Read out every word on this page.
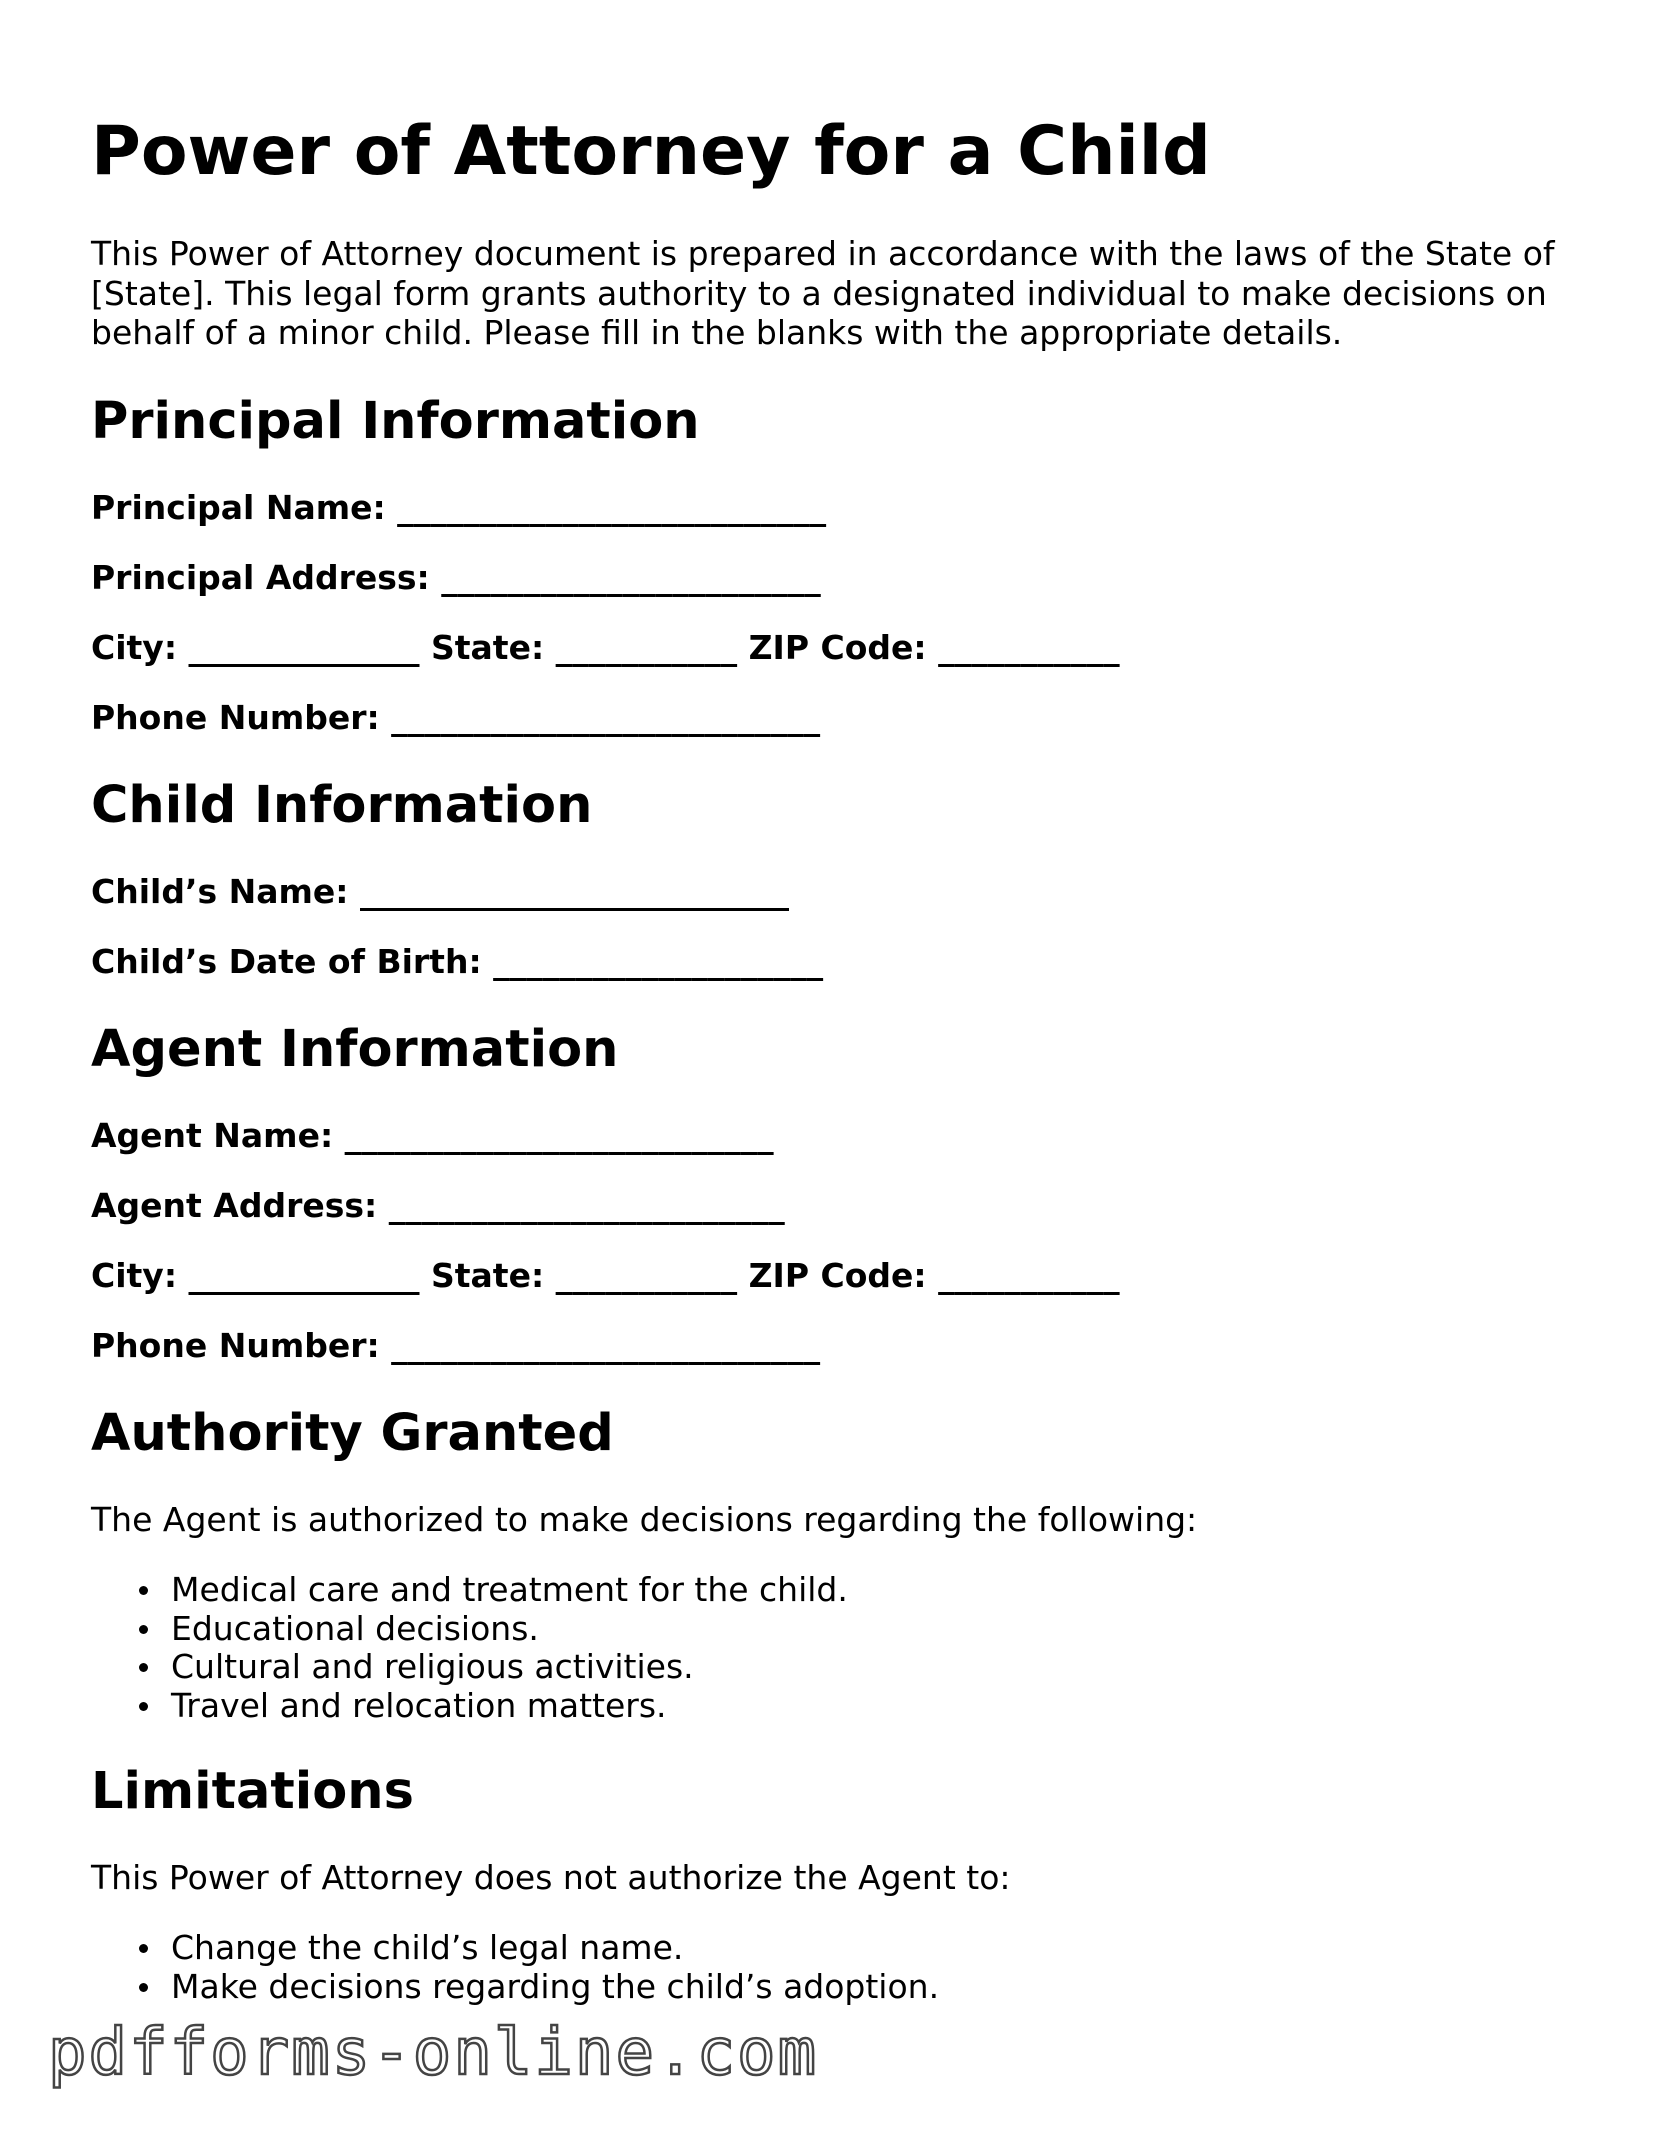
Power of Attorney for a Child

This Power of Attorney document is prepared in accordance with the laws of the State of [State]. This legal form grants authority to a designated individual to make decisions on behalf of a minor child. Please fill in the blanks with the appropriate details.

Principal Information
Principal Name: __________________________
Principal Address: _______________________
City: ______________ State: ___________ ZIP Code: ___________
Phone Number: __________________________
Child Information
Child’s Name: __________________________
Child’s Date of Birth: ____________________
Agent Information
Agent Name: __________________________
Agent Address: ________________________
City: ______________ State: ___________ ZIP Code: ___________
Phone Number: __________________________
Authority Granted

The Agent is authorized to make decisions regarding the following:

Medical care and treatment for the child.
Educational decisions.
Cultural and religious activities.
Travel and relocation matters.
Limitations

This Power of Attorney does not authorize the Agent to:

Change the child’s legal name.
Make decisions regarding the child’s adoption.
pdfforms-online.com
